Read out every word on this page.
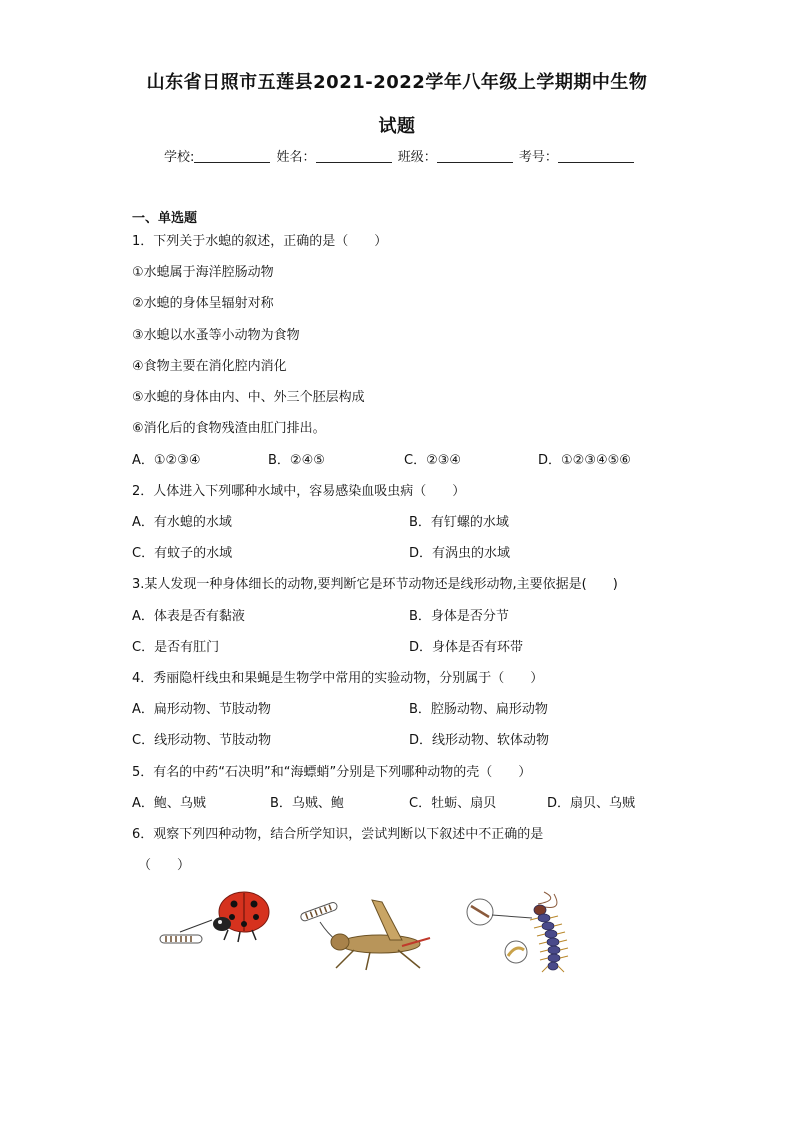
山东省日照市五莲县2021-2022学年八年级上学期期中生物
试题
学校:	姓名：	班级：	考号：
一、单选题
1．下列关于水螅的叙述，正确的是（　　）
①水螅属于海洋腔肠动物
②水螅的身体呈辐射对称
③水螅以水蚤等小动物为食物
④食物主要在消化腔内消化
⑤水螅的身体由内、中、外三个胚层构成
⑥消化后的食物残渣由肛门排出。
A．①②③④	B．②④⑤	C．②③④	D．①②③④⑤⑥
2．人体进入下列哪种水域中，容易感染血吸虫病（　　）
A．有水螅的水域	B．有钉螺的水域
C．有蚊子的水域	D．有涡虫的水域
3.某人发现一种身体细长的动物,要判断它是环节动物还是线形动物,主要依据是(　　)
A．体表是否有黏液	B．身体是否分节
C．是否有肛门	D．身体是否有环带
4．秀丽隐杆线虫和果蝇是生物学中常用的实验动物，分别属于（　　）
A．扁形动物、节肢动物	B．腔肠动物、扁形动物
C．线形动物、节肢动物	D．线形动物、软体动物
5．有名的中药“石决明”和“海螵蛸”分别是下列哪种动物的壳（　　）
A．鲍、乌贼	B．乌贼、鲍	C．牡蛎、扇贝	D．扇贝、乌贼
6．观察下列四种动物，结合所学知识，尝试判断以下叙述中不正确的是
（　　）
